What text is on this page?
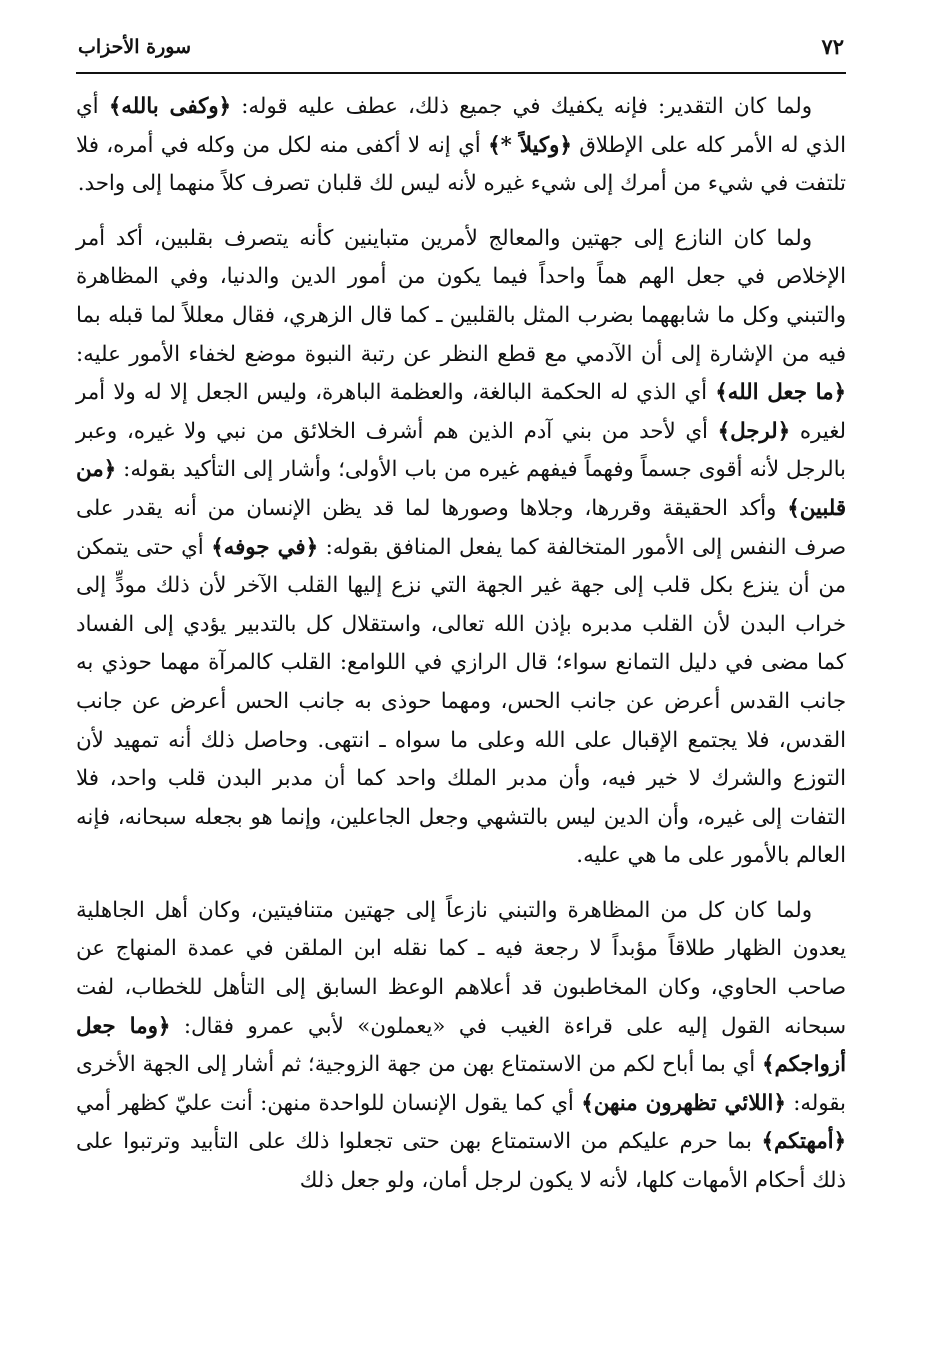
٧٢
سورة الأحزاب

ولما كان التقدير: فإنه يكفيك في جميع ذلك، عطف عليه قوله: ﴿وكفى بالله﴾ أي الذي له الأمر كله على الإطلاق ﴿وكيلاً *﴾ أي إنه لا أكفى منه لكل من وكله في أمره، فلا تلتفت في شيء من أمرك إلى شيء غيره لأنه ليس لك قلبان تصرف كلاً منهما إلى واحد.

ولما كان النازع إلى جهتين والمعالج لأمرين متباينين كأنه يتصرف بقلبين، أكد أمر الإخلاص في جعل الهم هماً واحداً فيما يكون من أمور الدين والدنيا، وفي المظاهرة والتبني وكل ما شابههما بضرب المثل بالقلبين ـ كما قال الزهري، فقال معللاً لما قبله بما فيه من الإشارة إلى أن الآدمي مع قطع النظر عن رتبة النبوة موضع لخفاء الأمور عليه: ﴿ما جعل الله﴾ أي الذي له الحكمة البالغة، والعظمة الباهرة، وليس الجعل إلا له ولا أمر لغيره ﴿لرجل﴾ أي لأحد من بني آدم الذين هم أشرف الخلائق من نبي ولا غيره، وعبر بالرجل لأنه أقوى جسماً وفهماً فيفهم غيره من باب الأولى؛ وأشار إلى التأكيد بقوله: ﴿من قلبين﴾ وأكد الحقيقة وقررها، وجلاها وصورها لما قد يظن الإنسان من أنه يقدر على صرف النفس إلى الأمور المتخالفة كما يفعل المنافق بقوله: ﴿في جوفه﴾ أي حتى يتمكن من أن ينزع بكل قلب إلى جهة غير الجهة التي نزع إليها القلب الآخر لأن ذلك مودٍّ إلى خراب البدن لأن القلب مدبره بإذن الله تعالى، واستقلال كل بالتدبير يؤدي إلى الفساد كما مضى في دليل التمانع سواء؛ قال الرازي في اللوامع: القلب كالمرآة مهما حوذي به جانب القدس أعرض عن جانب الحس، ومهما حوذى به جانب الحس أعرض عن جانب القدس، فلا يجتمع الإقبال على الله وعلى ما سواه ـ انتهى. وحاصل ذلك أنه تمهيد لأن التوزع والشرك لا خير فيه، وأن مدبر الملك واحد كما أن مدبر البدن قلب واحد، فلا التفات إلى غيره، وأن الدين ليس بالتشهي وجعل الجاعلين، وإنما هو بجعله سبحانه، فإنه العالم بالأمور على ما هي عليه.

ولما كان كل من المظاهرة والتبني نازعاً إلى جهتين متنافيتين، وكان أهل الجاهلية يعدون الظهار طلاقاً مؤبداً لا رجعة فيه ـ كما نقله ابن الملقن في عمدة المنهاج عن صاحب الحاوي، وكان المخاطبون قد أعلاهم الوعظ السابق إلى التأهل للخطاب، لفت سبحانه القول إليه على قراءة الغيب في «يعملون» لأبي عمرو فقال: ﴿وما جعل أزواجكم﴾ أي بما أباح لكم من الاستمتاع بهن من جهة الزوجية؛ ثم أشار إلى الجهة الأخرى بقوله: ﴿اللائي تظهرون منهن﴾ أي كما يقول الإنسان للواحدة منهن: أنت عليّ كظهر أمي ﴿أمهتكم﴾ بما حرم عليكم من الاستمتاع بهن حتى تجعلوا ذلك على التأبيد وترتبوا على ذلك أحكام الأمهات كلها، لأنه لا يكون لرجل أمان، ولو جعل ذلك
